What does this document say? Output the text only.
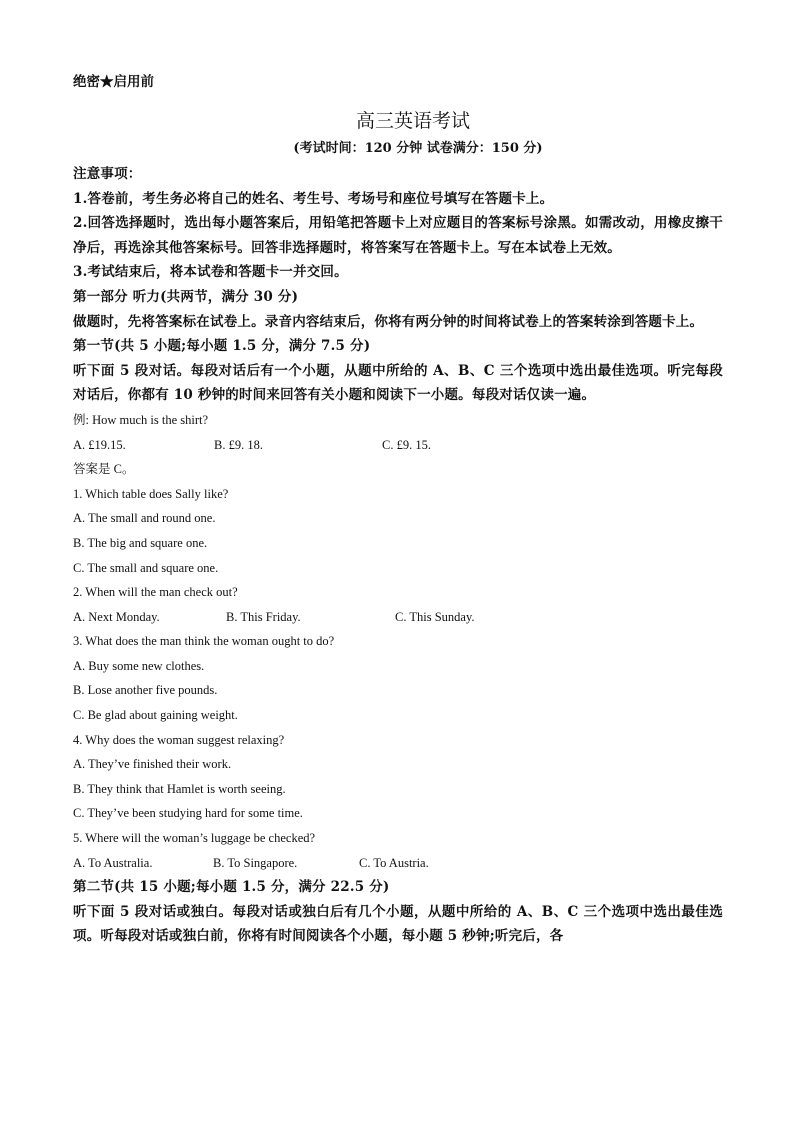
绝密★启用前
高三英语考试
(考试时间：120 分钟 试卷满分：150 分)
注意事项：
1.答卷前，考生务必将自己的姓名、考生号、考场号和座位号填写在答题卡上。
2.回答选择题时，选出每小题答案后，用铅笔把答题卡上对应题目的答案标号涂黑。如需改动，用橡皮擦干净后，再选涂其他答案标号。回答非选择题时，将答案写在答题卡上。写在本试卷上无效。
3.考试结束后，将本试卷和答题卡一并交回。
第一部分 听力(共两节，满分 30 分)
做题时，先将答案标在试卷上。录音内容结束后，你将有两分钟的时间将试卷上的答案转涂到答题卡上。
第一节(共 5 小题;每小题 1.5 分，满分 7.5 分)
听下面 5 段对话。每段对话后有一个小题，从题中所给的 A、B、C 三个选项中选出最佳选项。听完每段对话后，你都有 10 秒钟的时间来回答有关小题和阅读下一小题。每段对话仅读一遍。
例: How much is the shirt?
A. £19.15.	B. £9. 18.	C. £9. 15.
答案是 C。
1. Which table does Sally like?
A. The small and round one.
B. The big and square one.
C. The small and square one.
2. When will the man check out?
A. Next Monday.	B. This Friday.	C. This Sunday.
3. What does the man think the woman ought to do?
A. Buy some new clothes.
B. Lose another five pounds.
C. Be glad about gaining weight.
4. Why does the woman suggest relaxing?
A. They’ve finished their work.
B. They think that Hamlet is worth seeing.
C. They’ve been studying hard for some time.
5. Where will the woman’s luggage be checked?
A. To Australia.	B. To Singapore.	C. To Austria.
第二节(共 15 小题;每小题 1.5 分，满分 22.5 分)
听下面 5 段对话或独白。每段对话或独白后有几个小题，从题中所给的 A、B、C 三个选项中选出最佳选项。听每段对话或独白前，你将有时间阅读各个小题，每小题 5 秒钟;听完后，各
